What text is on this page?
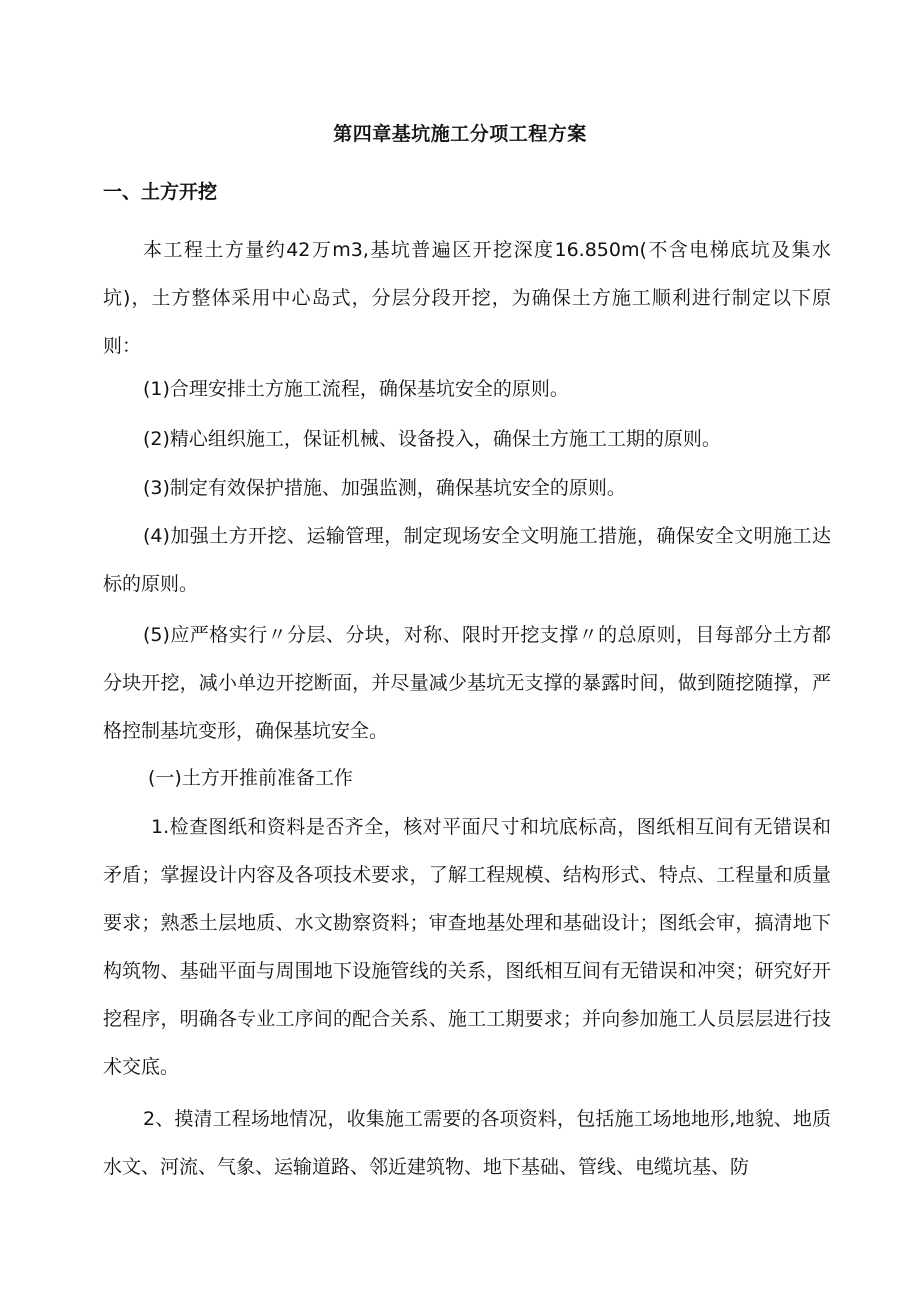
第四章基坑施工分项工程方案
一、土方开挖

本工程土方量约42万m3,基坑普遍区开挖深度16.850m(不含电梯底坑及集水坑)，土方整体采用中心岛式，分层分段开挖，为确保土方施工顺利进行制定以下原则：

(1)合理安排土方施工流程，确保基坑安全的原则。

(2)精心组织施工，保证机械、设备投入，确保土方施工工期的原则。

(3)制定有效保护措施、加强监测，确保基坑安全的原则。

(4)加强土方开挖、运输管理，制定现场安全文明施工措施，确保安全文明施工达标的原则。

(5)应严格实行〃分层、分块，对称、限时开挖支撑〃的总原则，目每部分土方都分块开挖，减小单边开挖断面，并尽量减少基坑无支撑的暴露时间，做到随挖随撑，严格控制基坑变形，确保基坑安全。

(一)土方开推前准备工作

1.检查图纸和资料是否齐全，核对平面尺寸和坑底标高，图纸相互间有无错误和矛盾；掌握设计内容及各项技术要求，了解工程规模、结构形式、特点、工程量和质量要求；熟悉土层地质、水文勘察资料；审查地基处理和基础设计；图纸会审，搞清地下构筑物、基础平面与周围地下设施管线的关系，图纸相互间有无错误和冲突；研究好开挖程序，明确各专业工序间的配合关系、施工工期要求；并向参加施工人员层层进行技术交底。

2、摸清工程场地情况，收集施工需要的各项资料，包括施工场地地形,地貌、地质水文、河流、气象、运输道路、邻近建筑物、地下基础、管线、电缆坑基、防
